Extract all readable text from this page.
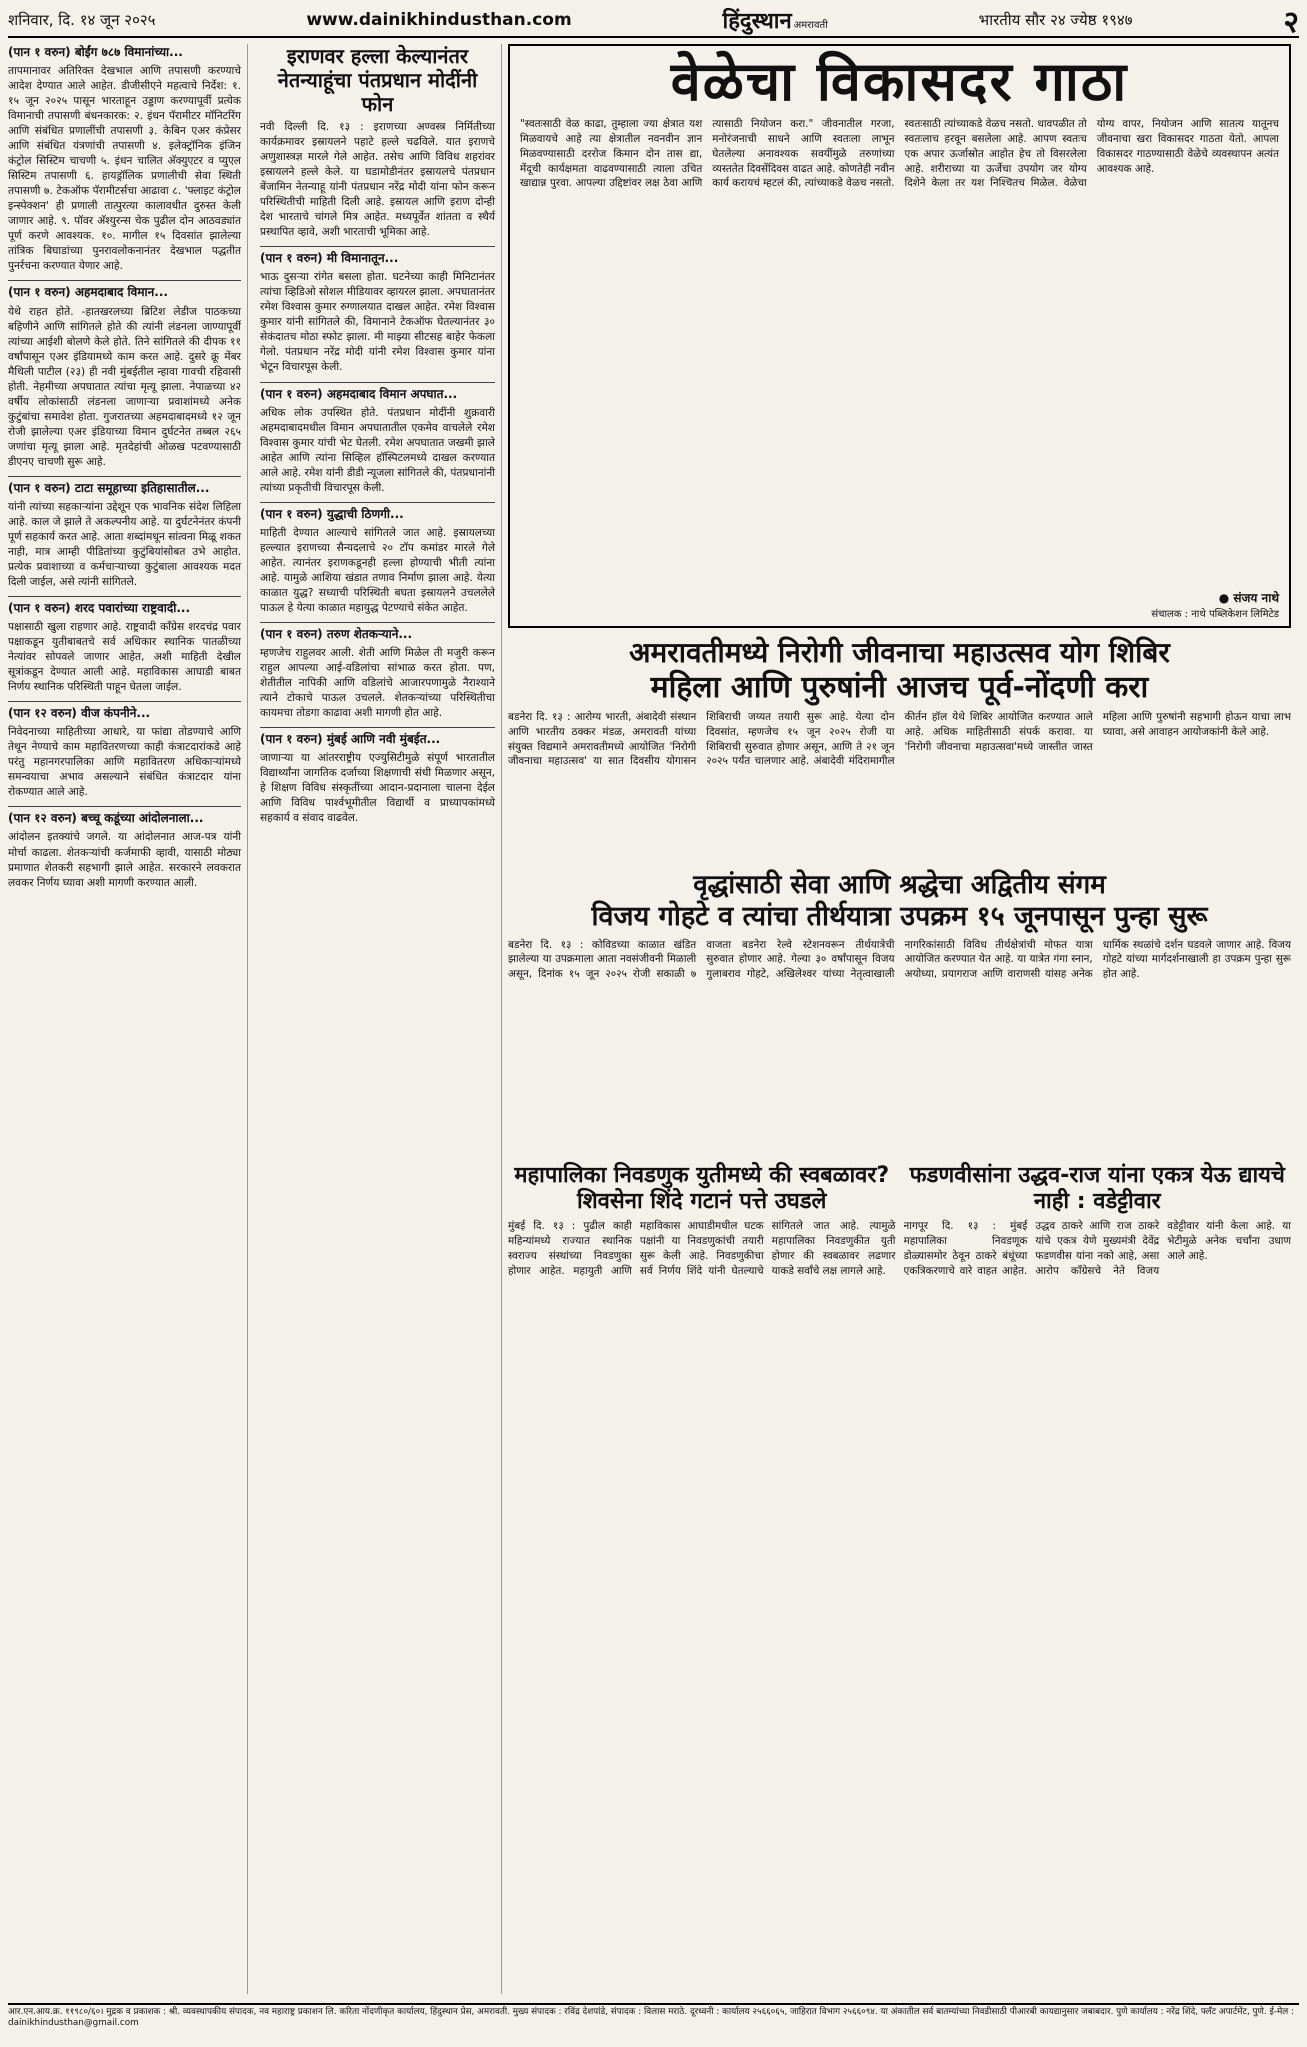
शनिवार, दि. १४ जून २०२५	www.dainikhindusthan.com	हिंदुस्थान अमरावती	भारतीय सौर २४ ज्येष्ठ १९४७	२
(पान १ वरुन) बोईंग ७८७ विमानांच्या...

तापमानावर अतिरिक्त देखभाल आणि तपासणी करण्याचे आदेश देण्यात आले आहेत. डीजीसीएने महत्वाचे निर्देश: १. १५ जून २०२५ पासून भारताहून उड्डाण करण्यापूर्वी प्रत्येक विमानाची तपासणी बंधनकारक: २. इंधन पॅरामीटर मॉनिटरिंग आणि संबंधित प्रणालींची तपासणी ३. केबिन एअर कंप्रेसर आणि संबंधित यंत्रणांची तपासणी ४. इलेक्ट्रॉनिक इंजिन कंट्रोल सिस्टिम चाचणी ५. इंधन चालित अ‍ॅक्युएटर व प्युएल सिस्टिम तपासणी ६. हायड्रॉलिक प्रणालीची सेवा स्थिती तपासणी ७. टेकऑफ पॅरामीटर्सचा आढावा ८. 'फ्लाइट कंट्रोल इन्स्पेक्शन' ही प्रणाली तात्पुरत्या कालावधीत दुरुस्त केली जाणार आहे. ९. पॉवर अ‍ॅश्युरन्स चेक पुढील दोन आठवड्यांत पूर्ण करणे आवश्यक. १०. मागील १५ दिवसांत झालेल्या तांत्रिक बिघाडांच्या पुनरावलोकनानंतर देखभाल पद्धतीत पुनर्रचना करण्यात येणार आहे.

(पान १ वरुन) अहमदाबाद विमान...

येथे राहत होते. -हातखरलच्या ब्रिटिश लेडीज पाठकच्या बहिणीने आणि सांगितले होते की त्यांनी लंडनला जाण्यापूर्वी त्यांच्या आईशी बोलणे केले होते. तिने सांगितले की दीपक ११ वर्षांपासून एअर इंडियामध्ये काम करत आहे. दुसरे क्रू मेंबर मैथिली पाटील (२३) ही नवी मुंबईतील न्हावा गावची रहिवासी होती. नेहमीच्या अपघातात त्यांचा मृत्यू झाला. नेपाळच्या ४२ वर्षीय लोकांसाठी लंडनला जाणाऱ्या प्रवाशांमध्ये अनेक कुटुंबांचा समावेश होता. गुजरातच्या अहमदाबादमध्ये १२ जून रोजी झालेल्या एअर इंडियाच्या विमान दुर्घटनेत तब्बल २६५ जणांचा मृत्यू झाला आहे. मृतदेहांची ओळख पटवण्यासाठी डीएनए चाचणी सुरू आहे.

(पान १ वरुन) टाटा समूहाच्या इतिहासातील...

यांनी त्यांच्या सहकाऱ्यांना उद्देशून एक भावनिक संदेश लिहिला आहे. काल जे झाले ते अकल्पनीय आहे. या दुर्घटनेनंतर कंपनी पूर्ण सहकार्य करत आहे. आता शब्दांमधून सांत्वना मिळू शकत नाही, मात्र आम्ही पीडितांच्या कुटुंबियांसोबत उभे आहोत. प्रत्येक प्रवाशाच्या व कर्मचाऱ्याच्या कुटुंबाला आवश्यक मदत दिली जाईल, असे त्यांनी सांगितले.

(पान १ वरुन) शरद पवारांच्या राष्ट्रवादी...

पक्षासाठी खुला राहणार आहे. राष्ट्रवादी काँग्रेस शरदचंद्र पवार पक्षाकडून युतीबाबतचे सर्व अधिकार स्थानिक पातळीच्या नेत्यांवर सोपवले जाणार आहेत, अशी माहिती देखील सूत्रांकडून देण्यात आली आहे. महाविकास आघाडी बाबत निर्णय स्थानिक परिस्थिती पाहून घेतला जाईल.

(पान १२ वरुन) वीज कंपनीने...

निवेदनाच्या माहितीच्या आधारे, या फांद्या तोडण्याचे आणि तेथून नेण्याचे काम महावितरणच्या काही कंत्राटदारांकडे आहे परंतु महानगरपालिका आणि महावितरण अधिकाऱ्यांमध्ये समन्वयाचा अभाव असल्याने संबंधित कंत्राटदार यांना रोकण्यात आले आहे.

(पान १२ वरुन) बच्चू कडूंच्या आंदोलनाला...

आंदोलन इतक्यांचे जगले. या आंदोलनात आज-पत्र यांनी मोर्चा काढला. शेतकऱ्यांची कर्जमाफी व्हावी, यासाठी मोठ्या प्रमाणात शेतकरी सहभागी झाले आहेत. सरकारने लवकरात लवकर निर्णय घ्यावा अशी मागणी करण्यात आली.

इराणवर हल्ला केल्यानंतर नेतन्याहूंचा पंतप्रधान मोदींनी फोन

नवी दिल्ली दि. १३ : इराणच्या अण्वस्त्र निर्मितीच्या कार्यक्रमावर इस्रायलने पहाटे हल्ले चढविले. यात इराणचे अणुशास्त्रज्ञ मारले गेले आहेत. तसेच आणि विविध शहरांवर इस्रायलने हल्ले केले. या घडामोडीनंतर इस्रायलचे पंतप्रधान बेंजामिन नेतन्याहू यांनी पंतप्रधान नरेंद्र मोदी यांना फोन करून परिस्थितीची माहिती दिली आहे. इस्रायल आणि इराण दोन्ही देश भारताचे चांगले मित्र आहेत. मध्यपूर्वेत शांतता व स्थैर्य प्रस्थापित व्हावे, अशी भारताची भूमिका आहे.

(पान १ वरुन) मी विमानातून...

भाऊ दुसऱ्या रांगेत बसला होता. घटनेच्या काही मिनिटानंतर त्यांचा व्हिडिओ सोशल मीडियावर व्हायरल झाला. अपघातानंतर रमेश विश्वास कुमार रुग्णालयात दाखल आहेत. रमेश विश्वास कुमार यांनी सांगितले की, विमानाने टेकऑफ घेतल्यानंतर ३० सेकंदातच मोठा स्फोट झाला. मी माझ्या सीटसह बाहेर फेकला गेलो. पंतप्रधान नरेंद्र मोदी यांनी रमेश विश्वास कुमार यांना भेटून विचारपूस केली.

(पान १ वरुन) अहमदाबाद विमान अपघात...

अधिक लोक उपस्थित होते. पंतप्रधान मोदींनी शुक्रवारी अहमदाबादमधील विमान अपघातातील एकमेव वाचलेले रमेश विश्वास कुमार यांची भेट घेतली. रमेश अपघातात जखमी झाले आहेत आणि त्यांना सिव्हिल हॉस्पिटलमध्ये दाखल करण्यात आले आहे. रमेश यांनी डीडी न्यूजला सांगितले की, पंतप्रधानांनी त्यांच्या प्रकृतीची विचारपूस केली.

(पान १ वरुन) युद्धाची ठिणगी...

माहिती देण्यात आल्याचे सांगितले जात आहे. इस्रायलच्या हल्ल्यात इराणच्या सैन्यदलाचे २० टॉप कमांडर मारले गेले आहेत. त्यानंतर इराणकडूनही हल्ला होण्याची भीती त्यांना आहे. यामुळे आशिया खंडात तणाव निर्माण झाला आहे. येत्या काळात युद्ध? सध्याची परिस्थिती बघता इस्रायलने उचललेले पाऊल हे येत्या काळात महायुद्ध पेटण्याचे संकेत आहेत.

(पान १ वरुन) तरुण शेतकऱ्याने...

म्हणजेच राहुलवर आली. शेती आणि मिळेल ती मजुरी करून राहुल आपल्या आई-वडिलांचा सांभाळ करत होता. पण, शेतीतील नापिकी आणि वडिलांचे आजारपणामुळे नैराश्याने त्याने टोकाचे पाऊल उचलले. शेतकऱ्यांच्या परिस्थितीचा कायमचा तोडगा काढावा अशी मागणी होत आहे.

(पान १ वरुन) मुंबई आणि नवी मुंबईत...

जाणाऱ्या या आंतरराष्ट्रीय एज्युसिटीमुळे संपूर्ण भारतातील विद्यार्थ्यांना जागतिक दर्जाच्या शिक्षणाची संधी मिळणार असून, हे शिक्षण विविध संस्कृतींच्या आदान-प्रदानाला चालना देईल आणि विविध पार्श्वभूमीतील विद्यार्थी व प्राध्यापकांमध्ये सहकार्य व संवाद वाढवेल.

वेळेचा विकासदर गाठा
"स्वतःसाठी वेळ काढा, तुम्हाला ज्या क्षेत्रात यश मिळवायचे आहे त्या क्षेत्रातील नवनवीन ज्ञान मिळवण्यासाठी दररोज किमान दोन तास द्या, मेंदूची कार्यक्षमता वाढवण्यासाठी त्याला उचित खाद्यान्न पुरवा. आपल्या उद्दिष्टांवर लक्ष ठेवा आणि त्यासाठी नियोजन करा." जीवनातील गरजा, मनोरंजनाची साधने आणि स्वतःला लाभून घेतलेल्या अनावश्यक सवयींमुळे तरुणांच्या व्यस्ततेत दिवसेंदिवस वाढत आहे. कोणतेही नवीन कार्य करायचं म्हटलं की, त्यांच्याकडे वेळच नसतो. स्वतःसाठी त्यांच्याकडे वेळच नसतो. धावपळीत तो स्वतःलाच हरवून बसलेला आहे. आपण स्वतःच एक अपार ऊर्जास्रोत आहोत हेच तो विसरलेला आहे. शरीराच्या या ऊर्जेचा उपयोग जर योग्य दिशेने केला तर यश निश्चितच मिळेल. वेळेचा योग्य वापर, नियोजन आणि सातत्य यातूनच जीवनाचा खरा विकासदर गाठता येतो. आपला विकासदर गाठण्यासाठी वेळेचे व्यवस्थापन अत्यंत आवश्यक आहे.
● संजय नाथे
संचालक : नाथे पब्लिकेशन लिमिटेड
अमरावतीमध्ये निरोगी जीवनाचा महाउत्सव योग शिबिर
महिला आणि पुरुषांनी आजच पूर्व-नोंदणी करा
बडनेरा दि. १३ : आरोग्य भारती, अंबादेवी संस्थान आणि भारतीय ठक्कर मंडळ, अमरावती यांच्या संयुक्त विद्यमाने अमरावतीमध्ये आयोजित 'निरोगी जीवनाचा महाउत्सव' या सात दिवसीय योगासन शिबिराची जय्यत तयारी सुरू आहे. येत्या दोन दिवसांत, म्हणजेच १५ जून २०२५ रोजी या शिबिराची सुरुवात होणार असून, आणि ते २१ जून २०२५ पर्यंत चालणार आहे. अंबादेवी मंदिरामागील कीर्तन हॉल येथे शिबिर आयोजित करण्यात आले आहे. अधिक माहितीसाठी संपर्क करावा. या 'निरोगी जीवनाचा महाउत्सवा'मध्ये जास्तीत जास्त महिला आणि पुरुषांनी सहभागी होऊन याचा लाभ घ्यावा, असे आवाहन आयोजकांनी केले आहे.
वृद्धांसाठी सेवा आणि श्रद्धेचा अद्वितीय संगम
विजय गोहटे व त्यांचा तीर्थयात्रा उपक्रम १५ जूनपासून पुन्हा सुरू
बडनेरा दि. १३ : कोविडच्या काळात खंडित झालेल्या या उपक्रमाला आता नवसंजीवनी मिळाली असून, दिनांक १५ जून २०२५ रोजी सकाळी ७ वाजता बडनेरा रेल्वे स्टेशनवरून तीर्थयात्रेची सुरुवात होणार आहे. गेल्या ३० वर्षांपासून विजय गुलाबराव गोहटे, अखिलेश्वर यांच्या नेतृत्वाखाली नागरिकांसाठी विविध तीर्थक्षेत्रांची मोफत यात्रा आयोजित करण्यात येत आहे. या यात्रेत गंगा स्नान, अयोध्या, प्रयागराज आणि वाराणसी यांसह अनेक धार्मिक स्थळांचे दर्शन घडवले जाणार आहे. विजय गोहटे यांच्या मार्गदर्शनाखाली हा उपक्रम पुन्हा सुरू होत आहे.
महापालिका निवडणुक युतीमध्ये की स्वबळावर? शिवसेना शिंदे गटानं पत्ते उघडले
मुंबई दि. १३ : पुढील काही महिन्यांमध्ये राज्यात स्थानिक स्वराज्य संस्थांच्या निवडणुका होणार आहेत. महायुती आणि महाविकास आघाडीमधील घटक पक्षांनी या निवडणुकांची तयारी सुरू केली आहे. निवडणुकीचा सर्व निर्णय शिंदे यांनी घेतल्याचे सांगितले जात आहे. त्यामुळे महापालिका निवडणुकीत युती होणार की स्वबळावर लढणार याकडे सर्वांचे लक्ष लागले आहे.
फडणवीसांना उद्धव-राज यांना एकत्र येऊ द्यायचे नाही : वडेट्टीवार
नागपूर दि. १३ : मुंबई महापालिका निवडणूक डोळ्यासमोर ठेवून ठाकरे बंधूंच्या एकत्रिकरणाचे वारे वाहत आहेत. उद्धव ठाकरे आणि राज ठाकरे यांचे एकत्र येणे मुख्यमंत्री देवेंद्र फडणवीस यांना नको आहे, असा आरोप काँग्रेसचे नेते विजय वडेट्टीवार यांनी केला आहे. या भेटीमुळे अनेक चर्चांना उधाण आले आहे.
आर.एन.आय.क्र. ११९८०/६०। मुद्रक व प्रकाशक : श्री. व्यवस्थापकीय संपादक, नव महाराष्ट्र प्रकाशन लि. करिता नोंदणीकृत कार्यालय, हिंदुस्थान प्रेस, अमरावती. मुख्य संपादक : रविंद्र देशपांडे, संपादक : विलास मराठे. दूरध्वनी : कार्यालय २५६६०६५, जाहिरात विभाग २५६६०९४. या अंकातील सर्व बातम्यांच्या निवडीसाठी पीआरबी कायद्यानुसार जबाबदार. पुणे कार्यालय : नरेंद्र शिंदे, फ्लॅट अपार्टमेंट, पुणे. ई-मेल : dainikhindusthan@gmail.com
